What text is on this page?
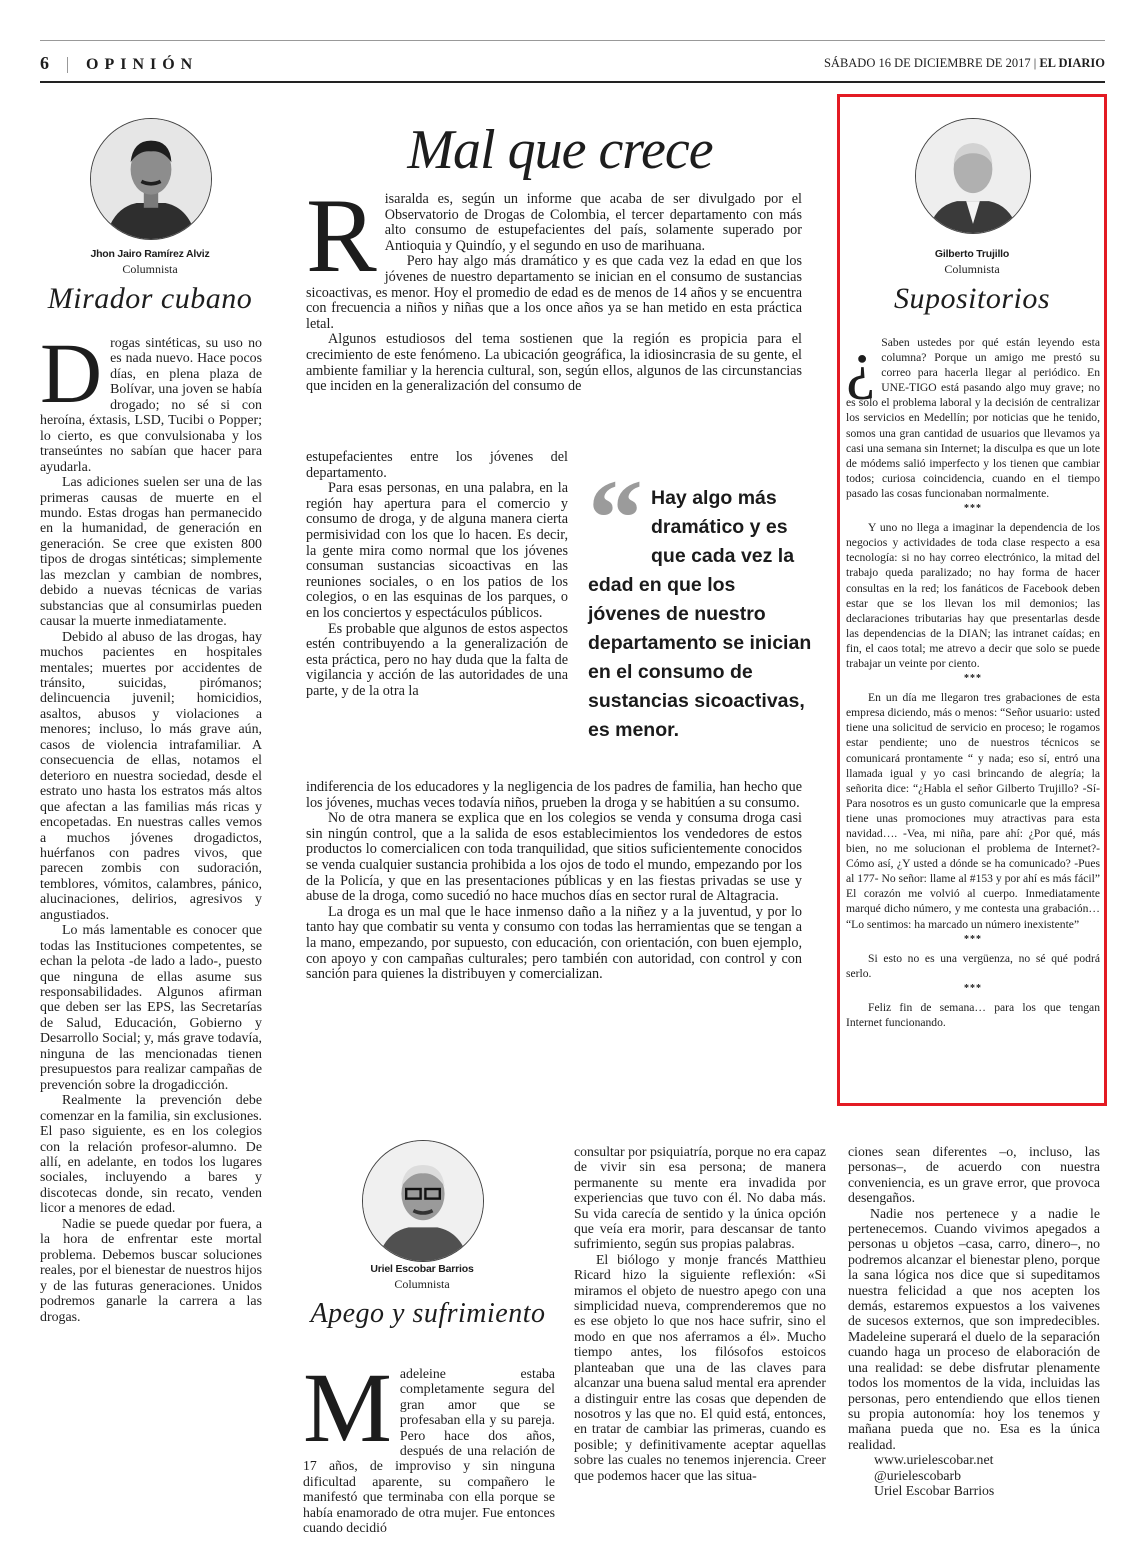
6 OPINIÓN	SÁBADO 16 DE DICIEMBRE DE 2017 | EL DIARIO
Jhon Jairo Ramírez Alviz
Columnista
Mirador cubano

Drogas sintéticas, su uso no es nada nuevo. Hace pocos días, en plena plaza de Bolívar, una joven se había drogado; no sé si con heroína, éxtasis, LSD, Tucibi o Popper; lo cierto, es que convulsionaba y los transeúntes no sabían que hacer para ayudarla.

Las adiciones suelen ser una de las primeras causas de muerte en el mundo. Estas drogas han permanecido en la humanidad, de generación en generación. Se cree que existen 800 tipos de drogas sintéticas; simplemente las mezclan y cambian de nombres, debido a nuevas técnicas de varias substancias que al consumirlas pueden causar la muerte inmediatamente.

Debido al abuso de las drogas, hay muchos pacientes en hospitales mentales; muertes por accidentes de tránsito, suicidas, pirómanos; delincuencia juvenil; homicidios, asaltos, abusos y violaciones a menores; incluso, lo más grave aún, casos de violencia intrafamiliar. A consecuencia de ellas, notamos el deterioro en nuestra sociedad, desde el estrato uno hasta los estratos más altos que afectan a las familias más ricas y encopetadas. En nuestras calles vemos a muchos jóvenes drogadictos, huérfanos con padres vivos, que parecen zombis con sudoración, temblores, vómitos, calambres, pánico, alucinaciones, delirios, agresivos y angustiados.

Lo más lamentable es conocer que todas las Instituciones competentes, se echan la pelota -de lado a lado-, puesto que ninguna de ellas asume sus responsabilidades. Algunos afirman que deben ser las EPS, las Secretarías de Salud, Educación, Gobierno y Desarrollo Social; y, más grave todavía, ninguna de las mencionadas tienen presupuestos para realizar campañas de prevención sobre la drogadicción.

Realmente la prevención debe comenzar en la familia, sin exclusiones. El paso siguiente, es en los colegios con la relación profesor-alumno. De allí, en adelante, en todos los lugares sociales, incluyendo a bares y discotecas donde, sin recato, venden licor a menores de edad.

Nadie se puede quedar por fuera, a la hora de enfrentar este mortal problema. Debemos buscar soluciones reales, por el bienestar de nuestros hijos y de las futuras generaciones. Unidos podremos ganarle la carrera a las drogas.

Mal que crece

Risaralda es, según un informe que acaba de ser divulgado por el Observatorio de Drogas de Colombia, el tercer departamento con más alto consumo de estupefacientes del país, solamente superado por Antioquia y Quindío, y el segundo en uso de marihuana.

Pero hay algo más dramático y es que cada vez la edad en que los jóvenes de nuestro departamento se inician en el consumo de sustancias sicoactivas, es menor. Hoy el promedio de edad es de menos de 14 años y se encuentra con frecuencia a niños y niñas que a los once años ya se han metido en esta práctica letal.

Algunos estudiosos del tema sostienen que la región es propicia para el crecimiento de este fenómeno. La ubicación geográfica, la idiosincrasia de su gente, el ambiente familiar y la herencia cultural, son, según ellos, algunos de las circunstancias que inciden en la generalización del consumo de

estupefacientes entre los jóvenes del departamento.

Para esas personas, en una palabra, en la región hay apertura para el comercio y consumo de droga, y de alguna manera cierta permisividad con los que lo hacen. Es decir, la gente mira como normal que los jóvenes consuman sustancias sicoactivas en las reuniones sociales, o en los patios de los colegios, o en las esquinas de los parques, o en los conciertos y espectáculos públicos.

Es probable que algunos de estos aspectos estén contribuyendo a la generalización de esta práctica, pero no hay duda que la falta de vigilancia y acción de las autoridades de una parte, y de la otra la

“ Hay algo más dramático y es que cada vez la edad en que los jóvenes de nuestro departamento se inician en el consumo de sustancias sicoactivas, es menor.

indiferencia de los educadores y la negligencia de los padres de familia, han hecho que los jóvenes, muchas veces todavía niños, prueben la droga y se habitúen a su consumo.

No de otra manera se explica que en los colegios se venda y consuma droga casi sin ningún control, que a la salida de esos establecimientos los vendedores de estos productos lo comercialicen con toda tranquilidad, que sitios suficientemente conocidos se venda cualquier sustancia prohibida a los ojos de todo el mundo, empezando por los de la Policía, y que en las presentaciones públicas y en las fiestas privadas se use y abuse de la droga, como sucedió no hace muchos días en sector rural de Altagracia.

La droga es un mal que le hace inmenso daño a la niñez y a la juventud, y por lo tanto hay que combatir su venta y consumo con todas las herramientas que se tengan a la mano, empezando, por supuesto, con educación, con orientación, con buen ejemplo, con apoyo y con campañas culturales; pero también con autoridad, con control y con sanción para quienes la distribuyen y comercializan.

Gilberto Trujillo
Columnista
Supositorios

¿ Saben ustedes por qué están leyendo esta columna? Porque un amigo me prestó su correo para hacerla llegar al periódico. En UNE-TIGO está pasando algo muy grave; no es solo el problema laboral y la decisión de centralizar los servicios en Medellín; por noticias que he tenido, somos una gran cantidad de usuarios que llevamos ya casi una semana sin Internet; la disculpa es que un lote de módems salió imperfecto y los tienen que cambiar todos; curiosa coincidencia, cuando en el tiempo pasado las cosas funcionaban normalmente.

***

Y uno no llega a imaginar la dependencia de los negocios y actividades de toda clase respecto a esa tecnología: si no hay correo electrónico, la mitad del trabajo queda paralizado; no hay forma de hacer consultas en la red; los fanáticos de Facebook deben estar que se los llevan los mil demonios; las declaraciones tributarias hay que presentarlas desde las dependencias de la DIAN; las intranet caídas; en fin, el caos total; me atrevo a decir que solo se puede trabajar un veinte por ciento.

***

En un día me llegaron tres grabaciones de esta empresa diciendo, más o menos: “Señor usuario: usted tiene una solicitud de servicio en proceso; le rogamos estar pendiente; uno de nuestros técnicos se comunicará prontamente “ y nada; eso sí, entró una llamada igual y yo casi brincando de alegría; la señorita dice: “¿Habla el señor Gilberto Trujillo? -Sí- Para nosotros es un gusto comunicarle que la empresa tiene unas promociones muy atractivas para esta navidad…. -Vea, mi niña, pare ahí: ¿Por qué, más bien, no me solucionan el problema de Internet?- Cómo así, ¿Y usted a dónde se ha comunicado? -Pues al 177- No señor: llame al #153 y por ahí es más fácil” El corazón me volvió al cuerpo. Inmediatamente marqué dicho número, y me contesta una grabación… “Lo sentimos: ha marcado un número inexistente”

***

Si esto no es una vergüenza, no sé qué podrá serlo.

***

Feliz fin de semana… para los que tengan Internet funcionando.

Uriel Escobar Barrios
Columnista
Apego y sufrimiento

Madeleine estaba completamente segura del gran amor que se profesaban ella y su pareja. Pero hace dos años, después de una relación de 17 años, de improviso y sin ninguna dificultad aparente, su compañero le manifestó que terminaba con ella porque se había enamorado de otra mujer. Fue entonces cuando decidió

consultar por psiquiatría, porque no era capaz de vivir sin esa persona; de manera permanente su mente era invadida por experiencias que tuvo con él. No daba más. Su vida carecía de sentido y la única opción que veía era morir, para descansar de tanto sufrimiento, según sus propias palabras.

El biólogo y monje francés Matthieu Ricard hizo la siguiente reflexión: «Si miramos el objeto de nuestro apego con una simplicidad nueva, comprenderemos que no es ese objeto lo que nos hace sufrir, sino el modo en que nos aferramos a él». Mucho tiempo antes, los filósofos estoicos planteaban que una de las claves para alcanzar una buena salud mental era aprender a distinguir entre las cosas que dependen de nosotros y las que no. El quid está, entonces, en tratar de cambiar las primeras, cuando es posible; y definitivamente aceptar aquellas sobre las cuales no tenemos injerencia. Creer que podemos hacer que las situa-

ciones sean diferentes –o, incluso, las personas–, de acuerdo con nuestra conveniencia, es un grave error, que provoca desengaños.

Nadie nos pertenece y a nadie le pertenecemos. Cuando vivimos apegados a personas u objetos –casa, carro, dinero–, no podremos alcanzar el bienestar pleno, porque la sana lógica nos dice que si supeditamos nuestra felicidad a que nos acepten los demás, estaremos expuestos a los vaivenes de sucesos externos, que son impredecibles. Madeleine superará el duelo de la separación cuando haga un proceso de elaboración de una realidad: se debe disfrutar plenamente todos los momentos de la vida, incluidas las personas, pero entendiendo que ellos tienen su propia autonomía: hoy los tenemos y mañana pueda que no. Esa es la única realidad.

www.urielescobar.net
@urielescobarb
Uriel Escobar Barrios
